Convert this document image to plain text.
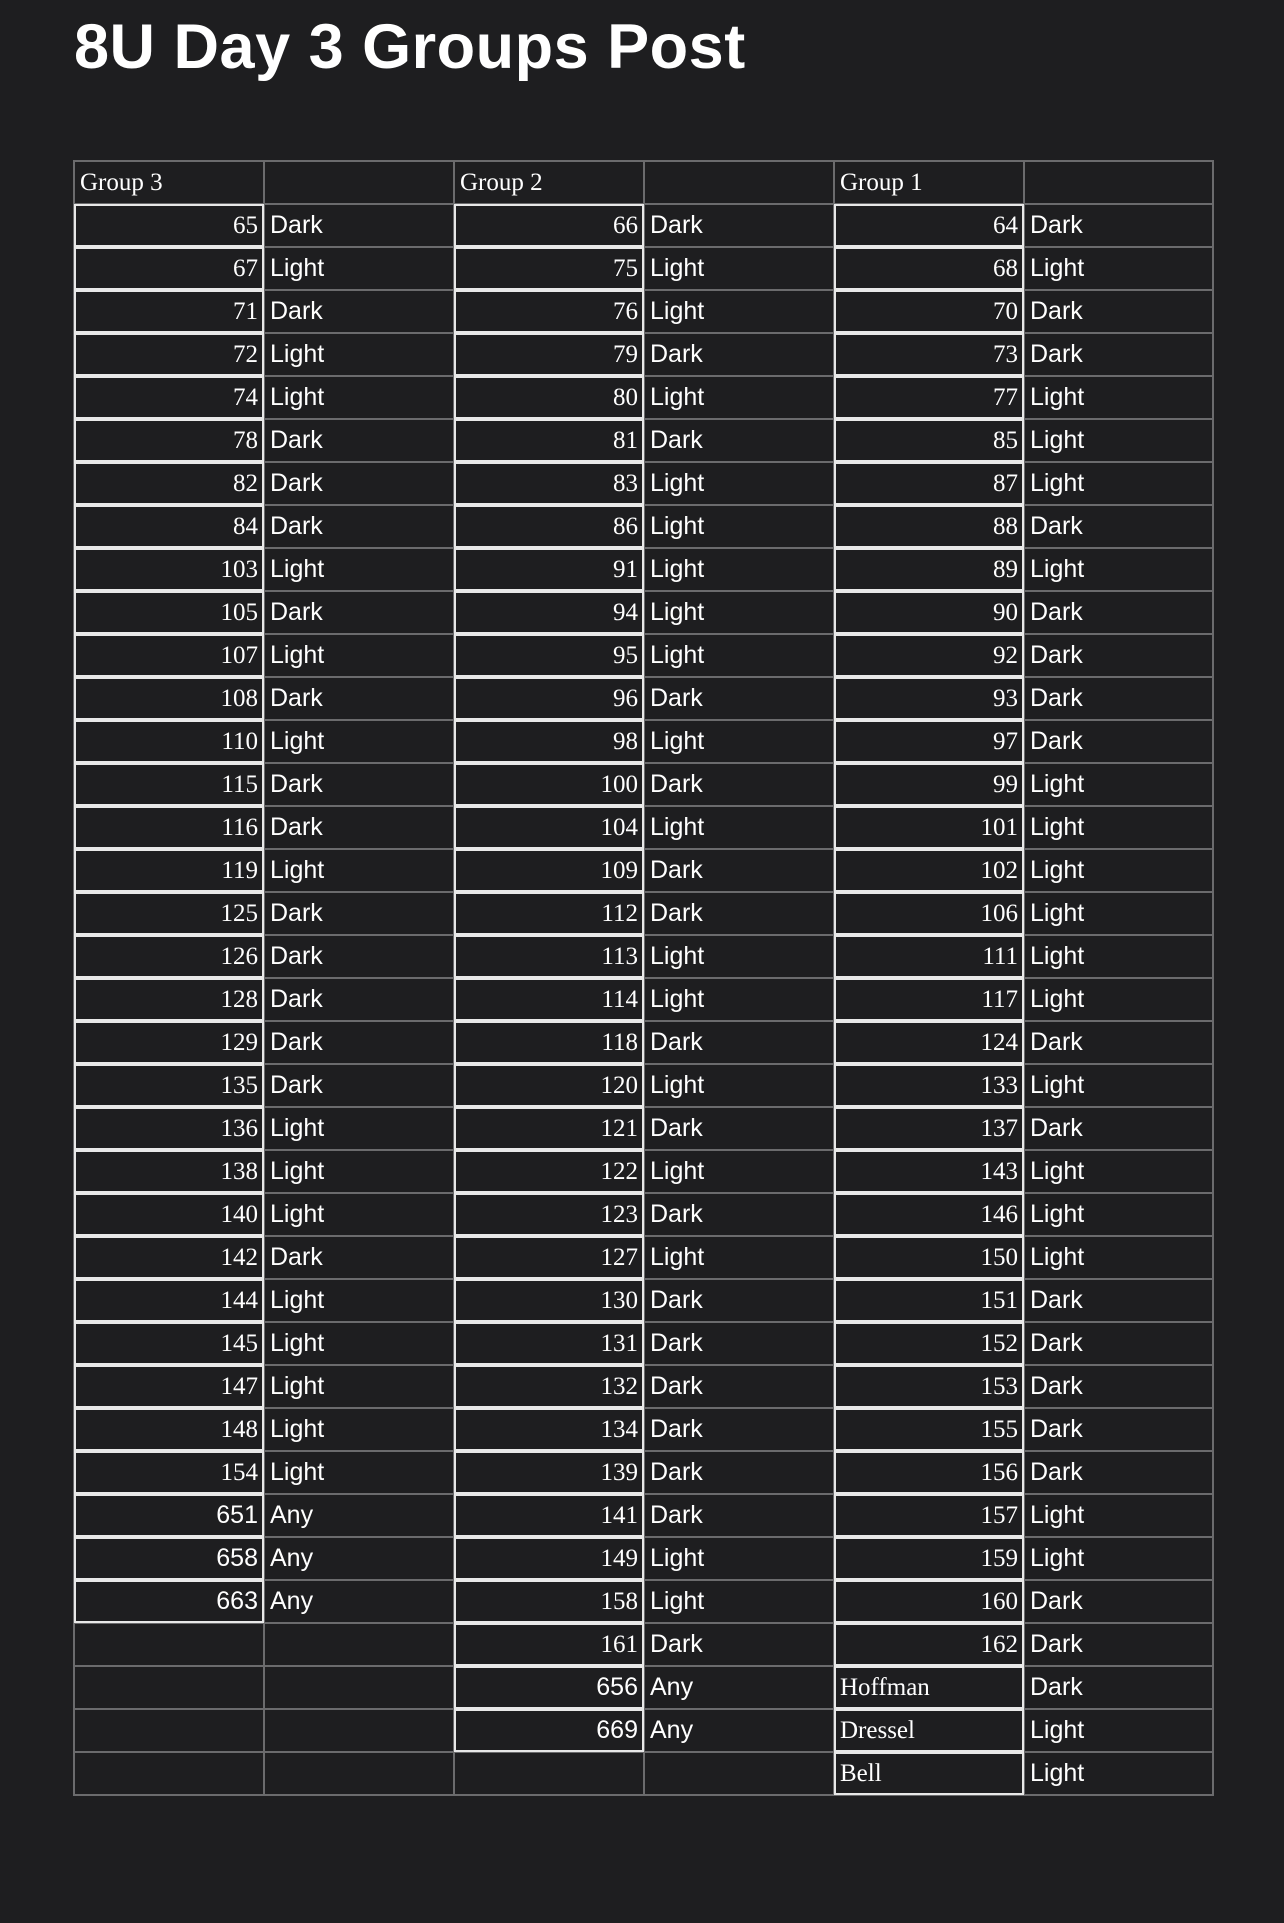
8U Day 3 Groups Post
Group 3		Group 2		Group 1	
65	Dark	66	Dark	64	Dark
67	Light	75	Light	68	Light
71	Dark	76	Light	70	Dark
72	Light	79	Dark	73	Dark
74	Light	80	Light	77	Light
78	Dark	81	Dark	85	Light
82	Dark	83	Light	87	Light
84	Dark	86	Light	88	Dark
103	Light	91	Light	89	Light
105	Dark	94	Light	90	Dark
107	Light	95	Light	92	Dark
108	Dark	96	Dark	93	Dark
110	Light	98	Light	97	Dark
115	Dark	100	Dark	99	Light
116	Dark	104	Light	101	Light
119	Light	109	Dark	102	Light
125	Dark	112	Dark	106	Light
126	Dark	113	Light	111	Light
128	Dark	114	Light	117	Light
129	Dark	118	Dark	124	Dark
135	Dark	120	Light	133	Light
136	Light	121	Dark	137	Dark
138	Light	122	Light	143	Light
140	Light	123	Dark	146	Light
142	Dark	127	Light	150	Light
144	Light	130	Dark	151	Dark
145	Light	131	Dark	152	Dark
147	Light	132	Dark	153	Dark
148	Light	134	Dark	155	Dark
154	Light	139	Dark	156	Dark
651	Any	141	Dark	157	Light
658	Any	149	Light	159	Light
663	Any	158	Light	160	Dark
		161	Dark	162	Dark
		656	Any	Hoffman	Dark
		669	Any	Dressel	Light
				Bell	Light
